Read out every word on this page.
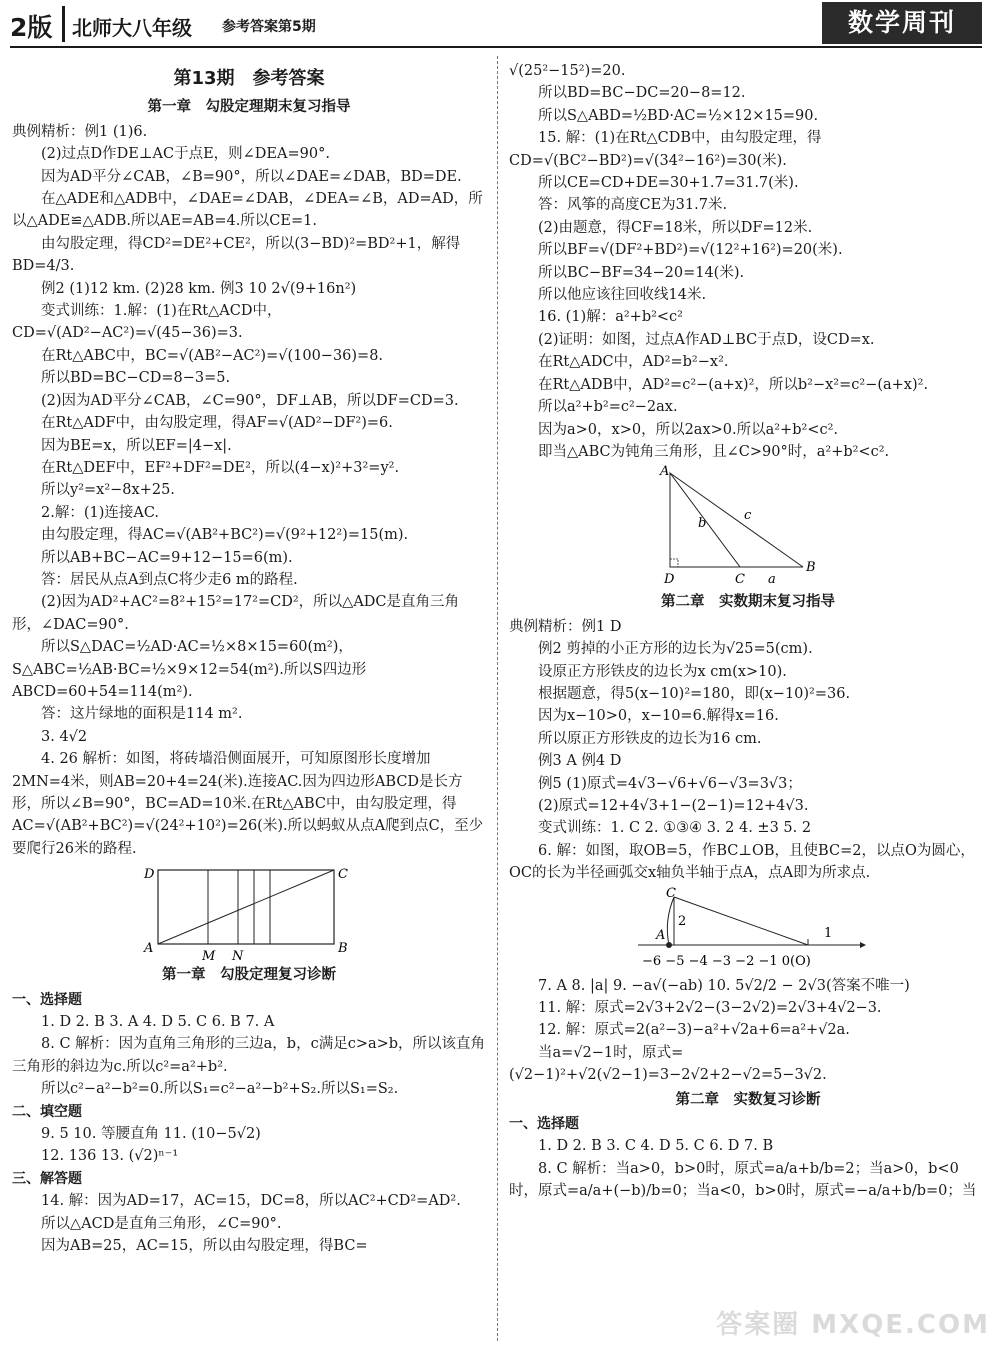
2版 北师大八年级 参考答案第5期	数学周刊
第13期　参考答案
第一章　勾股定理期末复习指导

典例精析：例1 (1)6.

(2)过点D作DE⊥AC于点E，则∠DEA=90°.

因为AD平分∠CAB，∠B=90°，所以∠DAE=∠DAB，BD=DE.

在△ADE和△ADB中，∠DAE=∠DAB，∠DEA=∠B，AD=AD，所以△ADE≌△ADB.所以AE=AB=4.所以CE=1.

由勾股定理，得CD²=DE²+CE²，所以(3−BD)²=BD²+1，解得BD=4/3.

例2 (1)12 km. (2)28 km. 例3 10 2√(9+16n²)

变式训练：1.解：(1)在Rt△ACD中，CD=√(AD²−AC²)=√(45−36)=3.

在Rt△ABC中，BC=√(AB²−AC²)=√(100−36)=8.

所以BD=BC−CD=8−3=5.

(2)因为AD平分∠CAB，∠C=90°，DF⊥AB，所以DF=CD=3.

在Rt△ADF中，由勾股定理，得AF=√(AD²−DF²)=6.

因为BE=x，所以EF=|4−x|.

在Rt△DEF中，EF²+DF²=DE²，所以(4−x)²+3²=y².

所以y²=x²−8x+25.

2.解：(1)连接AC.

由勾股定理，得AC=√(AB²+BC²)=√(9²+12²)=15(m).

所以AB+BC−AC=9+12−15=6(m).

答：居民从点A到点C将少走6 m的路程.

(2)因为AD²+AC²=8²+15²=17²=CD²，所以△ADC是直角三角形，∠DAC=90°.

所以S△DAC=½AD·AC=½×8×15=60(m²)，S△ABC=½AB·BC=½×9×12=54(m²).所以S四边形ABCD=60+54=114(m²).

答：这片绿地的面积是114 m².

3. 4√2

4. 26 解析：如图，将砖墙沿侧面展开，可知原图形长度增加2MN=4米，则AB=20+4=24(米).连接AC.因为四边形ABCD是长方形，所以∠B=90°，BC=AD=10米.在Rt△ABC中，由勾股定理，得AC=√(AB²+BC²)=√(24²+10²)=26(米).所以蚂蚁从点A爬到点C，至少要爬行26米的路程.

D	C
A
M N
B
第一章　勾股定理复习诊断

一、选择题

1. D 2. B 3. A 4. D 5. C 6. B 7. A

8. C 解析：因为直角三角形的三边a，b，c满足c>a>b，所以该直角三角形的斜边为c.所以c²=a²+b².

所以c²−a²−b²=0.所以S₁=c²−a²−b²+S₂.所以S₁=S₂.

二、填空题

9. 5 10. 等腰直角 11. (10−5√2)

12. 136 13. (√2)ⁿ⁻¹

三、解答题

14. 解：因为AD=17，AC=15，DC=8，所以AC²+CD²=AD².

所以△ACD是直角三角形，∠C=90°.

因为AB=25，AC=15，所以由勾股定理，得BC=

√(25²−15²)=20.

所以BD=BC−DC=20−8=12.

所以S△ABD=½BD·AC=½×12×15=90.

15. 解：(1)在Rt△CDB中，由勾股定理，得CD=√(BC²−BD²)=√(34²−16²)=30(米).

所以CE=CD+DE=30+1.7=31.7(米).

答：风筝的高度CE为31.7米.

(2)由题意，得CF=18米，所以DF=12米.

所以BF=√(DF²+BD²)=√(12²+16²)=20(米).

所以BC−BF=34−20=14(米).

所以他应该往回收线14米.

16. (1)解：a²+b²<c²

(2)证明：如图，过点A作AD⊥BC于点D，设CD=x.

在Rt△ADC中，AD²=b²−x².

在Rt△ADB中，AD²=c²−(a+x)²，所以b²−x²=c²−(a+x)².

所以a²+b²=c²−2ax.

因为a>0，x>0，所以2ax>0.所以a²+b²<c².

即当△ABC为钝角三角形，且∠C>90°时，a²+b²<c².

A
b
c
D	C a
B
第二章　实数期末复习指导

典例精析：例1 D

例2 剪掉的小正方形的边长为√25=5(cm).

设原正方形铁皮的边长为x cm(x>10).

根据题意，得5(x−10)²=180，即(x−10)²=36.

因为x−10>0，x−10=6.解得x=16.

所以原正方形铁皮的边长为16 cm.

例3 A 例4 D

例5 (1)原式=4√3−√6+√6−√3=3√3；

(2)原式=12+4√3+1−(2−1)=12+4√3.

变式训练：1. C 2. ①③④ 3. 2 4. ±3 5. 2

6. 解：如图，取OB=5，作BC⊥OB，且使BC=2，以点O为圆心，OC的长为半径画弧交x轴负半轴于点A，点A即为所求点.

C
A
2
1
−6 −5 −4 −3 −2 −1 0(O)

7. A 8. |a| 9. −a√(−ab) 10. 5√2/2 − 2√3(答案不唯一)

11. 解：原式=2√3+2√2−(3−2√2)=2√3+4√2−3.

12. 解：原式=2(a²−3)−a²+√2a+6=a²+√2a.

当a=√2−1时，原式=(√2−1)²+√2(√2−1)=3−2√2+2−√2=5−3√2.

第二章　实数复习诊断

一、选择题

1. D 2. B 3. C 4. D 5. C 6. D 7. B

8. C 解析：当a>0，b>0时，原式=a/a+b/b=2；当a>0，b<0时，原式=a/a+(−b)/b=0；当a<0，b>0时，原式=−a/a+b/b=0；当

答案圈 MXQE.COM
